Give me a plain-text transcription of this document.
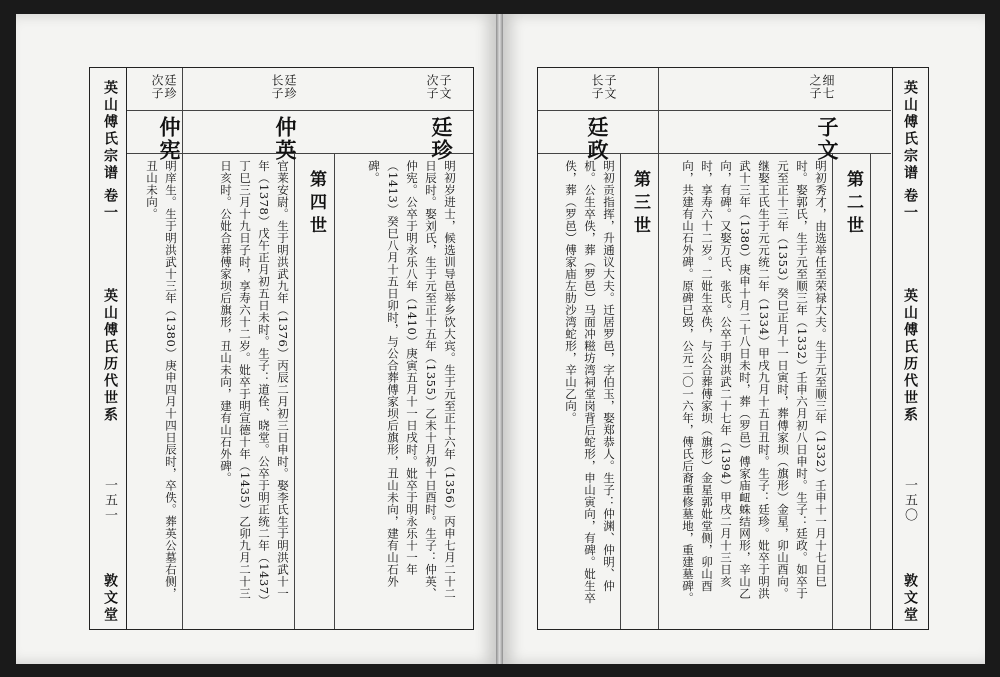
英山傅氏宗谱
卷一
英山傅氏历代世系
一五一
敦文堂
子文
次子
廷珍
明初岁进士，候选训导邑举乡饮大宾。生于元至正十六年（1356）丙申七月二十二日辰时。娶刘氏，生于元至正十五年（1355）乙未十月初十日酉时。生子：仲英、仲宪。公卒于明永乐八年（1410）庚寅五月十一日戌时。妣卒于明永乐十一年（1413）癸巳八月十五日卯时，与公合葬傅家坝后旗形，丑山未向，建有山石外碑。
第四世
廷珍
长子
仲英
官莱安尉。生于明洪武九年（1376）丙辰二月初三日申时。娶李氏生于明洪武十一年（1378）戊午正月初五日未时。生子：道佺、晓堂。公卒于明正统二年（1437）丁巳三月十九日子时，享寿六十二岁。妣卒于明宣德十年（1435）乙卯九月二十三日亥时。公妣合葬傅家坝后旗形，丑山未向，建有山石外碑。
廷珍
次子
仲宪
明庠生。生于明洪武十三年（1380）庚申四月十四日辰时，卒佚。葬英公墓右侧，丑山未向。
英山傅氏宗谱
卷一
英山傅氏历代世系
一五〇
敦文堂
第二世
细七
之子
子文
明初秀才，由选举任至荣禄大夫。生于元至顺三年（1332）壬申十一月十七日巳时。娶郭氏，生于元至顺三年（1332）壬申六月初八日申时。生子：廷政。如卒于元至正十三年（1353）癸巳正月十一日寅时，葬傅家坝（旗形）金星，卯山酉向。继娶王氏生于元元统二年（1334）甲戌九月十五日丑时。生子：廷珍。妣卒于明洪武十三年（1380）庚申十月二十八日未时，葬（罗邑）傅家庙衄蛛结网形，辛山乙向，有碑。又娶万氏、张氏。公卒于明洪武二十七年（1394）甲戌二月十三日亥时，享寿六十二岁。二妣生卒佚，与公合葬傅家坝（旗形）金星郭妣堂侧，卯山酉向，共建有山石外碑。原碑已毁，公元二〇一六年，傅氏后裔重修墓地，重建墓碑。
第三世
子文
长子
廷政
明初贡指挥，升通议大夫。迁居罗邑，字伯玉，娶郑恭人。生子：仲渊、仲明、仲机。公生卒佚，葬（罗邑）马面冲糍坊湾祠堂岗背后蛇形，申山寅向，有碑。妣生卒佚，葬（罗邑）傅家庙左肋沙湾蛇形，辛山乙向。
